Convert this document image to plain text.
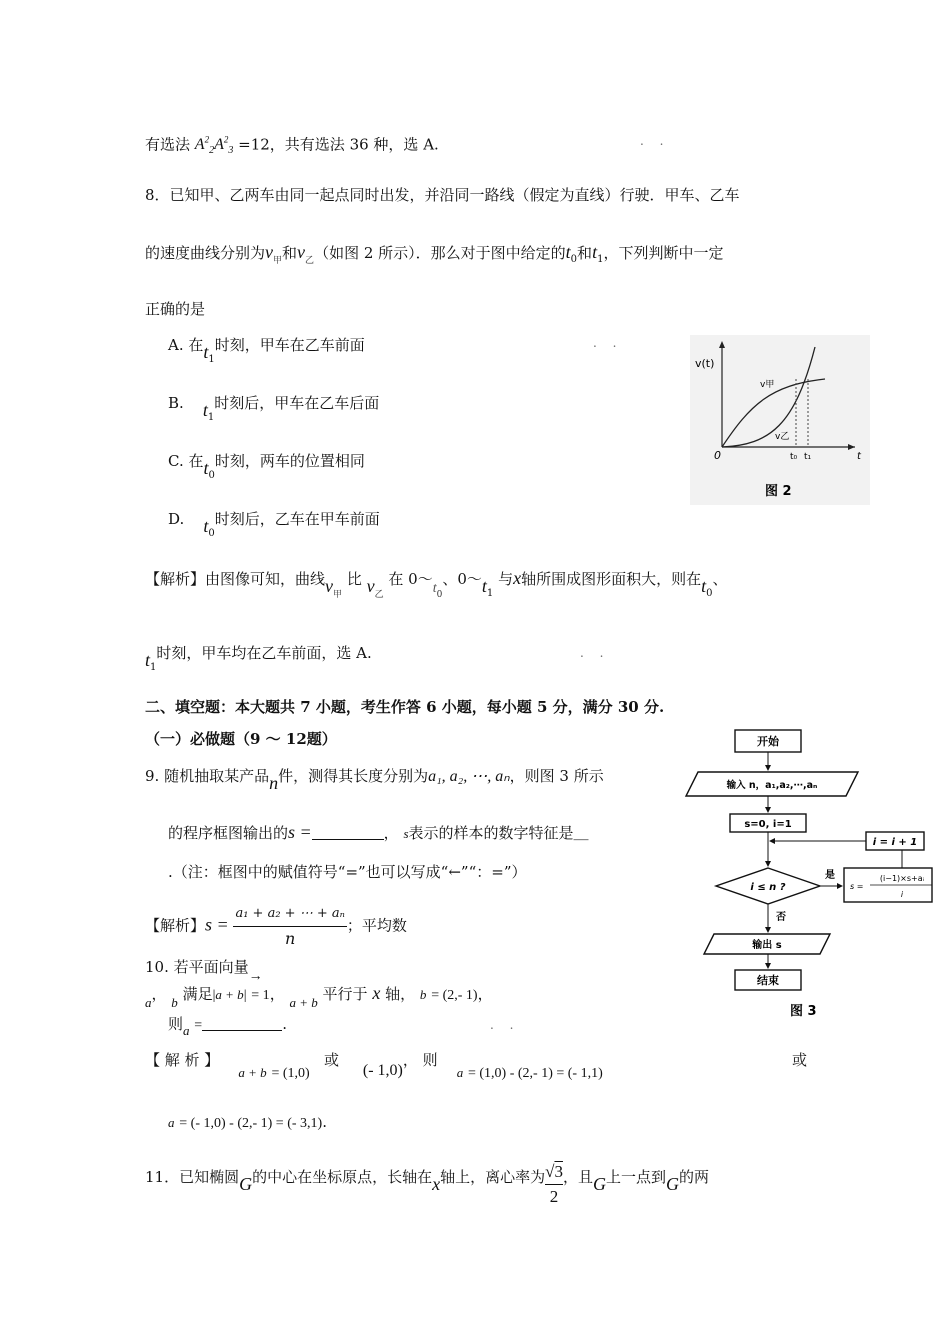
有选法 $A^2_2A^2_3 =12$，共有选法 36 种，选 A.	. .
8．已知甲、乙两车由同一起点同时出发，并沿同一路线（假定为直线）行驶．甲车、乙车
的速度曲线分别为$v_甲$和$v_乙$（如图 2 所示）．那么对于图中给定的$t_0$和$t_1$，下列判断中一定
正确的是
A. 在$t_1$时刻，甲车在乙车前面	. .
B. $t_1$时刻后，甲车在乙车后面
C. 在$t_0$时刻，两车的位置相同
D. $t_0$时刻后，乙车在甲车前面
v(t)
v甲
v乙
0	t
t₀ t₁
图 2
【解析】由图像可知，曲线$v_甲$ 比 $v_乙$ 在 $0\sim t_0$、$0\sim t_1$ 与x轴所围成图形面积大，则在$t_0$、
$t_1$时刻，甲车均在乙车前面，选 A.	. .
二、填空题：本大题共 7 小题，考生作答 6 小题，每小题 5 分，满分 30 分.
（一）必做题（9 ～ 12题）
9. 随机抽取某产品n件，测得其长度分别为a₁, a₂, ⋯, aₙ，则图 3 所示
的程序框图输出的s =	， s表示的样本的数字特征是＿
.（注：框图中的赋值符号“=”也可以写成“←”“：=”）
【解析】$s = \frac{\text{a₁ + a₂ + ⋯ + aₙ}}{n}$ ；平均数
开始
输入 n，a₁,a₂,⋯,aₙ
s=0, i=1
i ≤ n ?
是
s =
(i−1)×s+aᵢ
i
i = i + 1
否
输出 s
结束
图 3
10. 若平面向量→
a， b 满足|a + b| = 1， a + b 平行于 x 轴， b = (2,- 1)，
则a =	.	. .
【 解 析 】    a + b = (1,0)   或     (- 1,0)， 则    a = (1,0) - (2,- 1) = (- 1,1)
或
a = (- 1,0) - (2,- 1) = (- 3,1).
11．已知椭圆G的中心在坐标原点，长轴在x轴上，离心率为 $\frac{√3}{2}$ ，且G上一点到G的两
